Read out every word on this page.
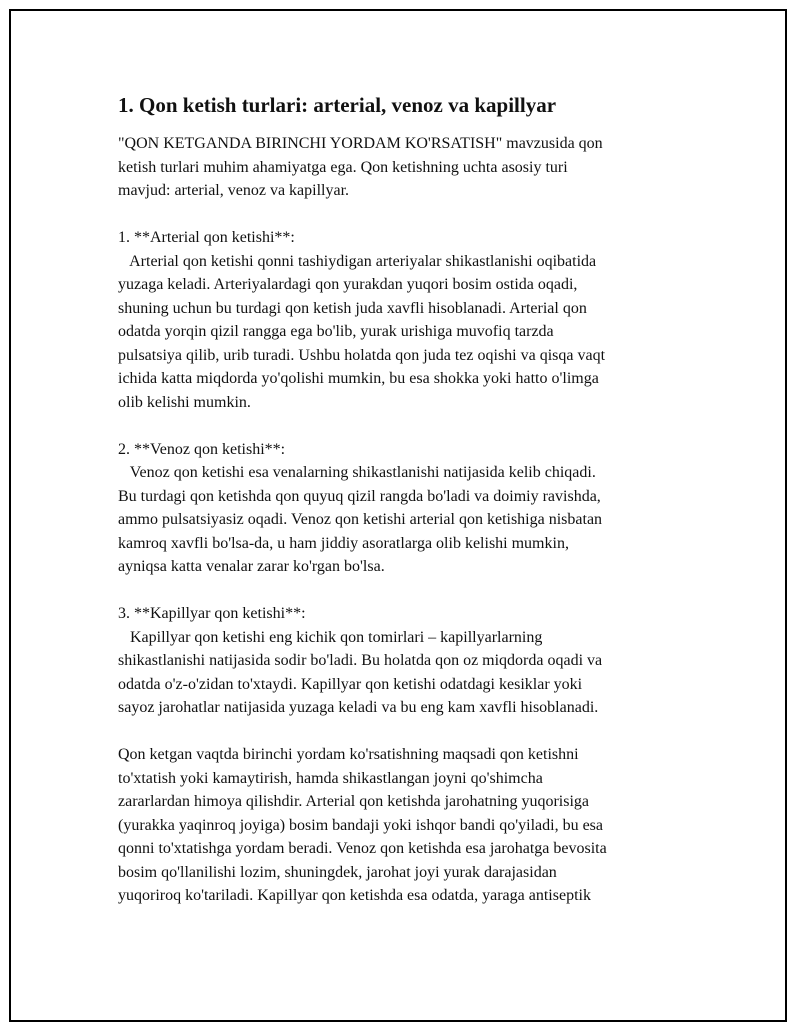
1. Qon ketish turlari: arterial, venoz va kapillyar
"QON KETGANDA BIRINCHI YORDAM KO'RSATISH" mavzusida qon
ketish turlari muhim ahamiyatga ega. Qon ketishning uchta asosiy turi
mavjud: arterial, venoz va kapillyar.
1. **Arterial qon ketishi**:
Arterial qon ketishi qonni tashiydigan arteriyalar shikastlanishi oqibatida
yuzaga keladi. Arteriyalardagi qon yurakdan yuqori bosim ostida oqadi,
shuning uchun bu turdagi qon ketish juda xavfli hisoblanadi. Arterial qon
odatda yorqin qizil rangga ega bo'lib, yurak urishiga muvofiq tarzda
pulsatsiya qilib, urib turadi. Ushbu holatda qon juda tez oqishi va qisqa vaqt
ichida katta miqdorda yo'qolishi mumkin, bu esa shokka yoki hatto o'limga
olib kelishi mumkin.
2. **Venoz qon ketishi**:
Venoz qon ketishi esa venalarning shikastlanishi natijasida kelib chiqadi.
Bu turdagi qon ketishda qon quyuq qizil rangda bo'ladi va doimiy ravishda,
ammo pulsatsiyasiz oqadi. Venoz qon ketishi arterial qon ketishiga nisbatan
kamroq xavfli bo'lsa-da, u ham jiddiy asoratlarga olib kelishi mumkin,
ayniqsa katta venalar zarar ko'rgan bo'lsa.
3. **Kapillyar qon ketishi**:
Kapillyar qon ketishi eng kichik qon tomirlari – kapillyarlarning
shikastlanishi natijasida sodir bo'ladi. Bu holatda qon oz miqdorda oqadi va
odatda o'z-o'zidan to'xtaydi. Kapillyar qon ketishi odatdagi kesiklar yoki
sayoz jarohatlar natijasida yuzaga keladi va bu eng kam xavfli hisoblanadi.
Qon ketgan vaqtda birinchi yordam ko'rsatishning maqsadi qon ketishni
to'xtatish yoki kamaytirish, hamda shikastlangan joyni qo'shimcha
zararlardan himoya qilishdir. Arterial qon ketishda jarohatning yuqorisiga
(yurakka yaqinroq joyiga) bosim bandaji yoki ishqor bandi qo'yiladi, bu esa
qonni to'xtatishga yordam beradi. Venoz qon ketishda esa jarohatga bevosita
bosim qo'llanilishi lozim, shuningdek, jarohat joyi yurak darajasidan
yuqoriroq ko'tariladi. Kapillyar qon ketishda esa odatda, yaraga antiseptik
